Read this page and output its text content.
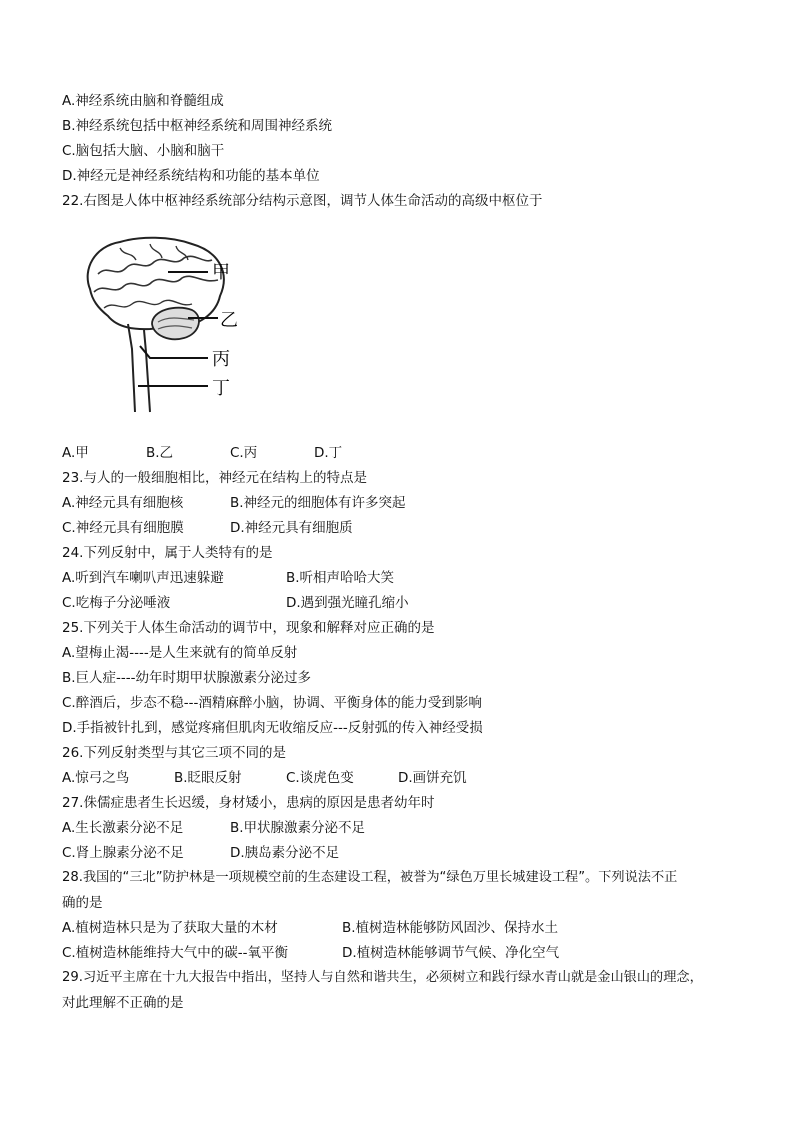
A.神经系统由脑和脊髓组成
B.神经系统包括中枢神经系统和周围神经系统
C.脑包括大脑、小脑和脑干
D.神经元是神经系统结构和功能的基本单位
22.右图是人体中枢神经系统部分结构示意图，调节人体生命活动的高级中枢位于
甲
乙
丙
丁
A.甲	B.乙	C.丙	D.丁
23.与人的一般细胞相比，神经元在结构上的特点是
A.神经元具有细胞核	B.神经元的细胞体有许多突起
C.神经元具有细胞膜	D.神经元具有细胞质
24.下列反射中，属于人类特有的是
A.听到汽车喇叭声迅速躲避	B.听相声哈哈大笑
C.吃梅子分泌唾液	D.遇到强光瞳孔缩小
25.下列关于人体生命活动的调节中，现象和解释对应正确的是
A.望梅止渴----是人生来就有的简单反射
B.巨人症----幼年时期甲状腺激素分泌过多
C.醉酒后，步态不稳---酒精麻醉小脑，协调、平衡身体的能力受到影响
D.手指被针扎到，感觉疼痛但肌肉无收缩反应---反射弧的传入神经受损
26.下列反射类型与其它三项不同的是
A.惊弓之鸟	B.眨眼反射	C.谈虎色变	D.画饼充饥
27.侏儒症患者生长迟缓，身材矮小，患病的原因是患者幼年时
A.生长激素分泌不足	B.甲状腺激素分泌不足
C.肾上腺素分泌不足	D.胰岛素分泌不足
28.我国的“三北”防护林是一项规模空前的生态建设工程，被誉为“绿色万里长城建设工程”。下列说法不正
确的是
A.植树造林只是为了获取大量的木材	B.植树造林能够防风固沙、保持水土
C.植树造林能维持大气中的碳--氧平衡	D.植树造林能够调节气候、净化空气
29.习近平主席在十九大报告中指出，坚持人与自然和谐共生，必须树立和践行绿水青山就是金山银山的理念，
对此理解不正确的是
